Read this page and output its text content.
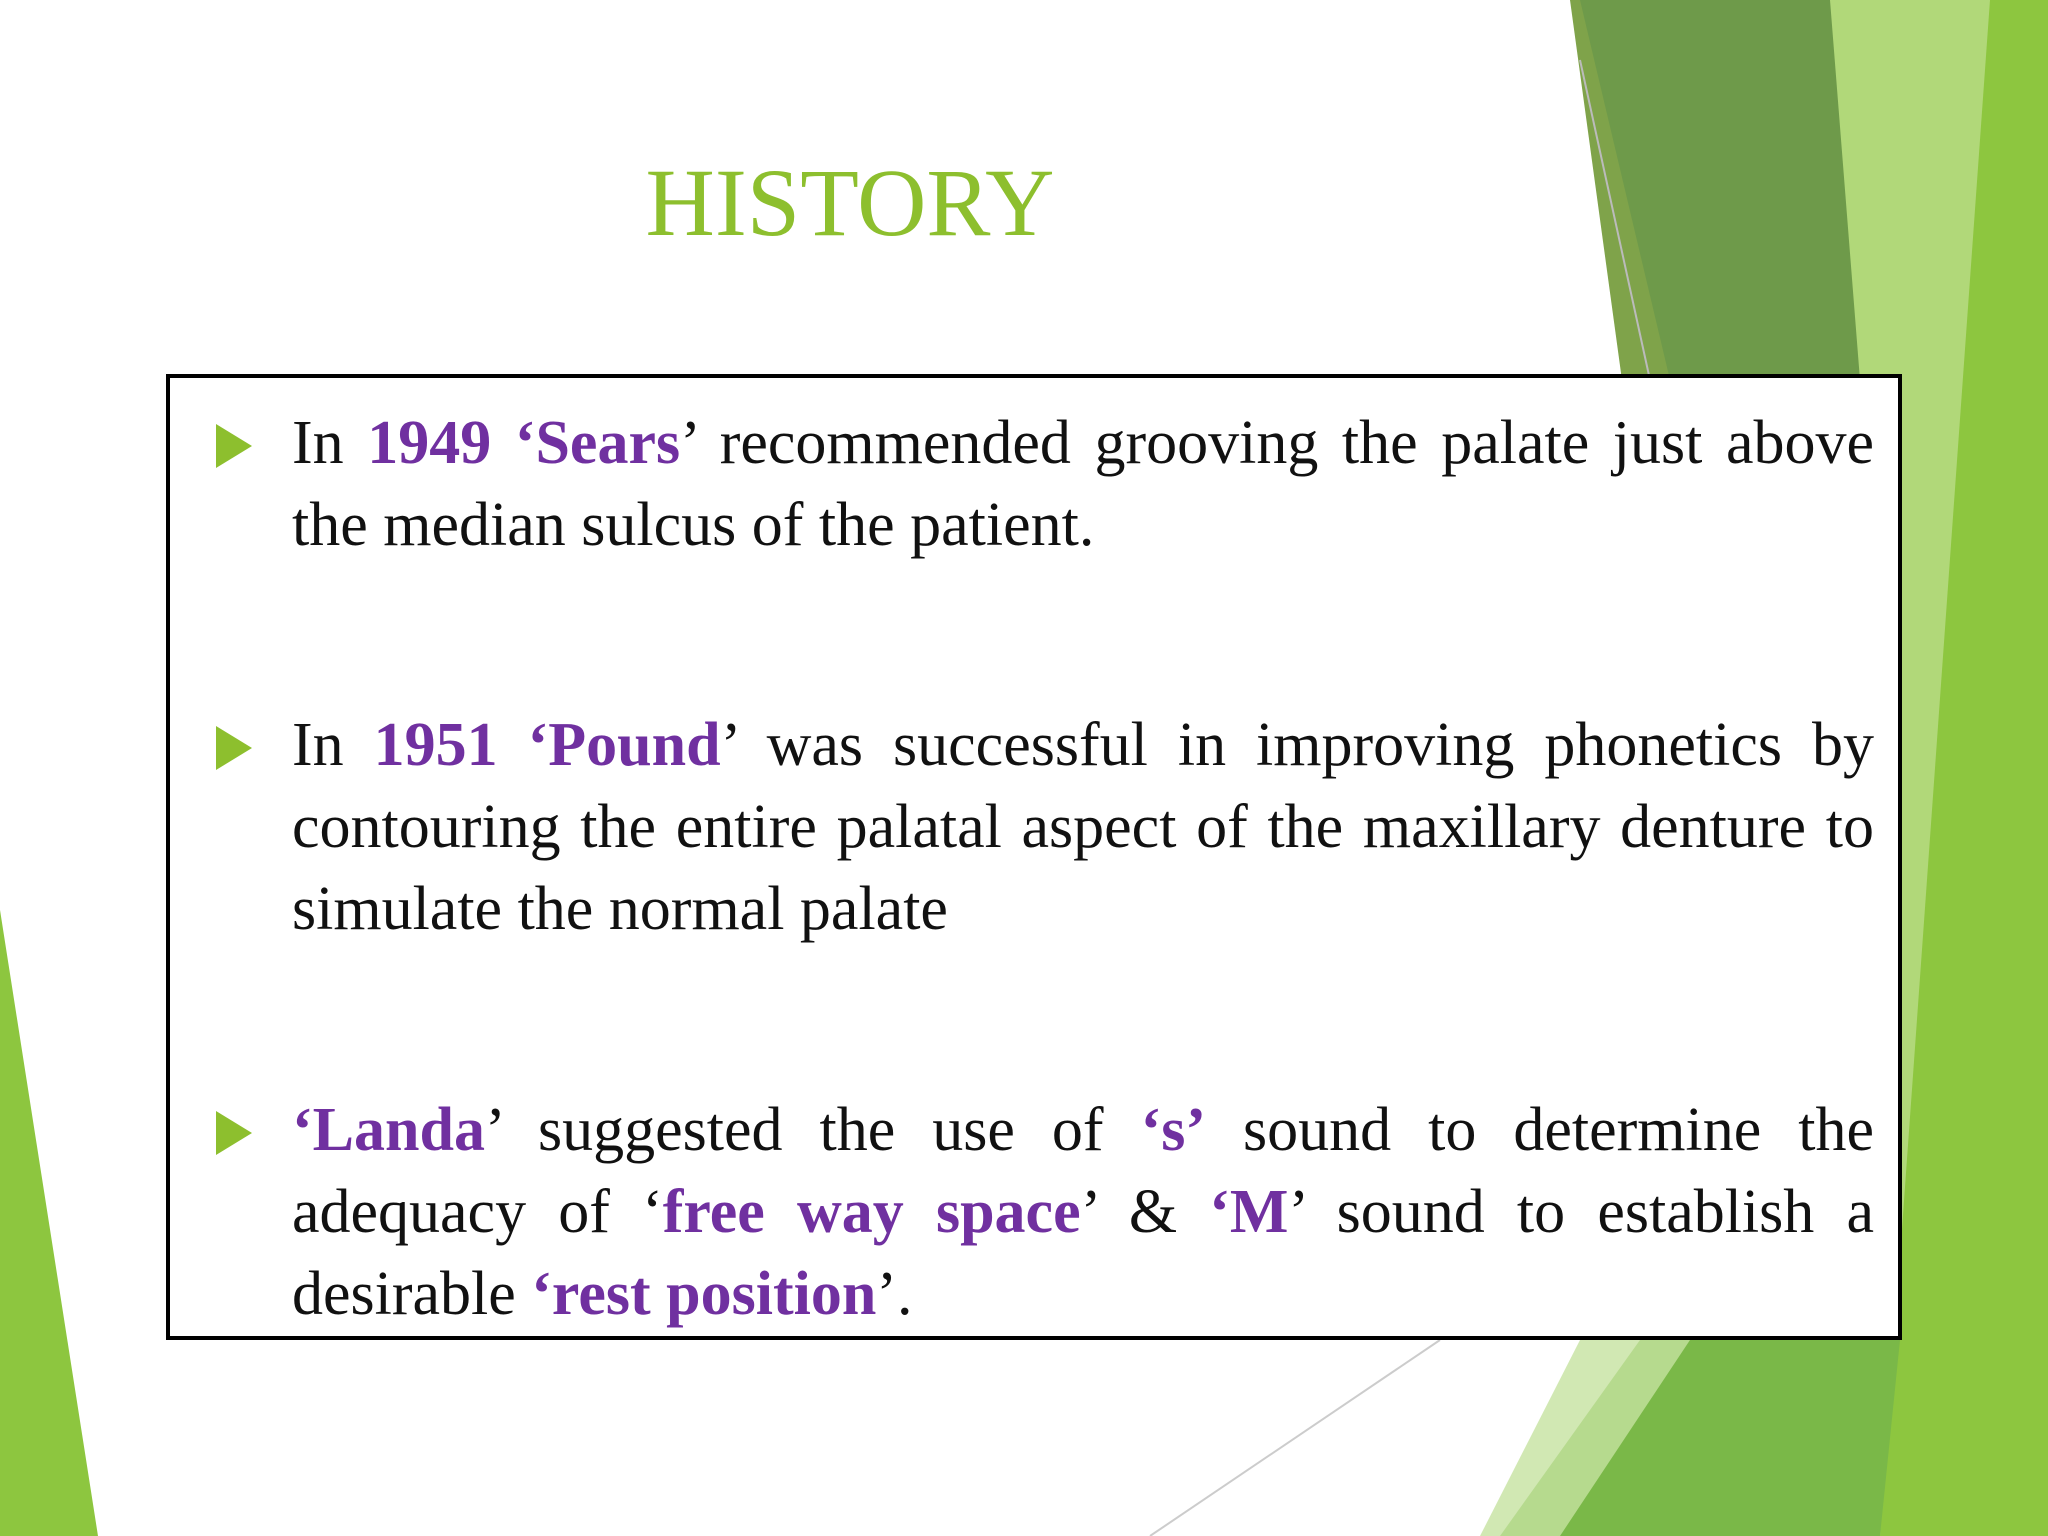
HISTORY
In 1949 ‘Sears’ recommended grooving the palate just above the median sulcus of the patient.
In 1951 ‘Pound’ was successful in improving phonetics by contouring the entire palatal aspect of the maxillary denture to simulate the normal palate
‘Landa’ suggested the use of ‘s’ sound to determine the adequacy of ‘free way space’ & ‘M’ sound to establish a desirable ‘rest position’.
